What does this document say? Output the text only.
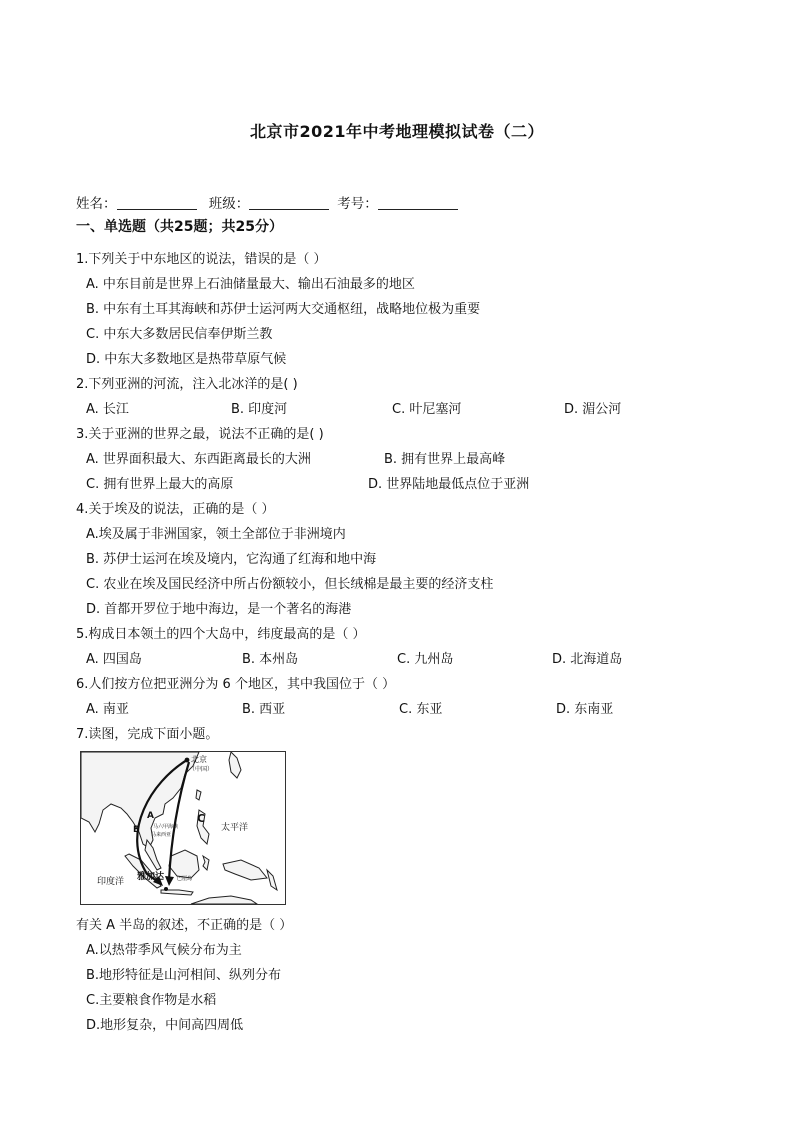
北京市2021年中考地理模拟试卷（二）
姓名：	班级：	考号：
一、单选题（共25题；共25分）
1.下列关于中东地区的说法，错误的是（ ）
A. 中东目前是世界上石油储量最大、输出石油最多的地区
B. 中东有土耳其海峡和苏伊士运河两大交通枢纽，战略地位极为重要
C. 中东大多数居民信奉伊斯兰教
D. 中东大多数地区是热带草原气候
2.下列亚洲的河流，注入北冰洋的是( )
A. 长江	B. 印度河	C. 叶尼塞河	D. 湄公河
3.关于亚洲的世界之最，说法不正确的是( )
A. 世界面积最大、东西距离最长的大洲	B. 拥有世界上最高峰
C. 拥有世界上最大的高原	D. 世界陆地最低点位于亚洲
4.关于埃及的说法，正确的是（ ）
A.埃及属于非洲国家，领土全部位于非洲境内
B. 苏伊士运河在埃及境内，它沟通了红海和地中海
C. 农业在埃及国民经济中所占份额较小，但长绒棉是最主要的经济支柱
D. 首都开罗位于地中海边，是一个著名的海港
5.构成日本领土的四个大岛中，纬度最高的是（ ）
A. 四国岛	B. 本州岛	C. 九州岛	D. 北海道岛
6.人们按方位把亚洲分为 6 个地区，其中我国位于（ ）
A. 南亚	B. 西亚	C. 东亚	D. 东南亚
7.读图，完成下面小题。
北京
（中国）
A
B
C
马六甲海峡
马来西亚
太平洋
印度洋 雅加达	巴厘岛
有关 A 半岛的叙述，不正确的是（ ）
A.以热带季风气候分布为主
B.地形特征是山河相间、纵列分布
C.主要粮食作物是水稻
D.地形复杂，中间高四周低
